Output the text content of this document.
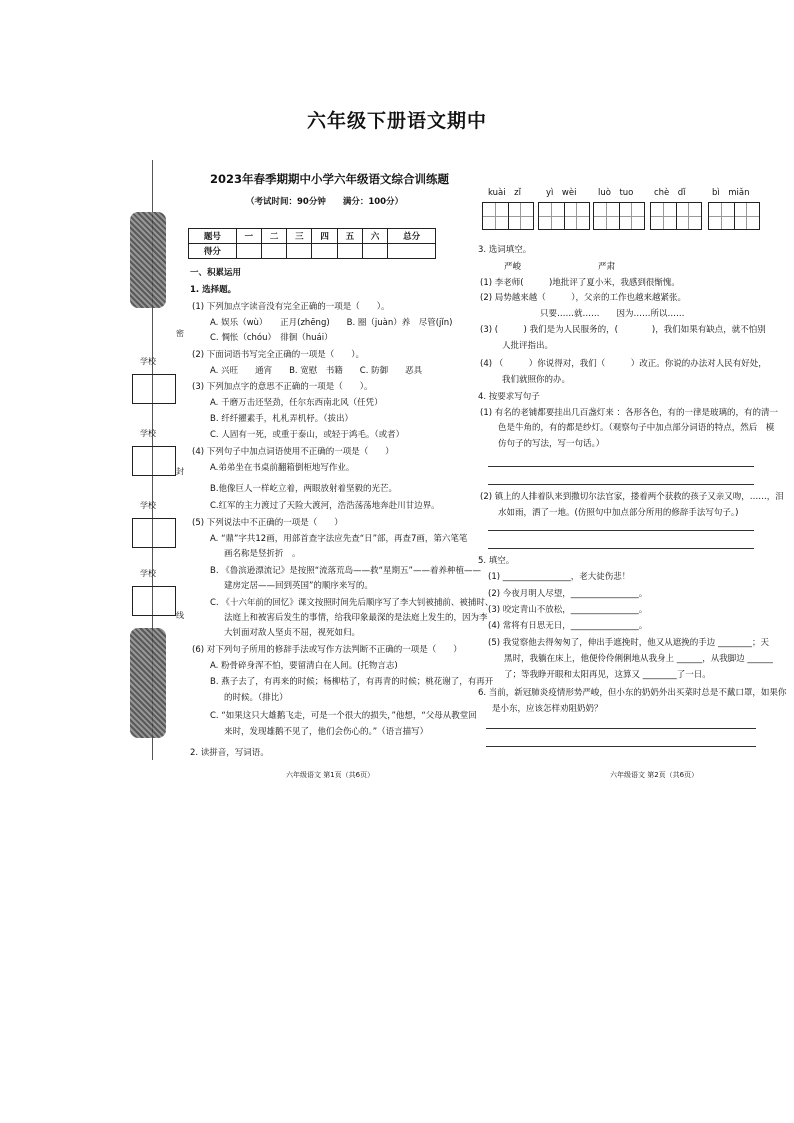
六年级下册语文期中
密
封
线
学校
学校
学校
学校
2023年春季期期中小学六年级语文综合训练题
（考试时间：90分钟　　满分：100分）
题号	一	二	三	四	五	六	总分
得分							
一、积累运用
1. 选择题。
(1) 下列加点字读音没有完全正确的一项是（　　）。
A. 娱乐（wù）　　正月(zhēng)　　B. 圈（juàn）养　尽管(jǐn)
C. 惆怅（chóu）　徘徊（huái）
(2) 下面词语书写完全正确的一项是（　　）。
A. 兴旺　　通宵　　B. 宽慰　书籍　　C. 防御　　恶具
(3) 下列加点字的意思不正确的一项是（　　）。
A. 千磨万击还坚劲，任尔东西南北风（任凭）
B. 纤纤擢素手，札札弄机杼。（拔出）
C. 人固有一死，或重于泰山，或轻于鸿毛。（或者）
(4) 下列句子中加点词语使用不正确的一项是（　　）
A.弟弟坐在书桌前翻箱倒柜地写作业。
B.他像巨人一样屹立着，两眼放射着坚毅的光芒。
C.红军的主力渡过了天险大渡河，浩浩荡荡地奔赴川甘边界。
(5) 下列说法中不正确的一项是（　　）
A. “鼎”字共12画，用部首查字法应先查“日”部，再查7画，第六笔笔
画名称是竖折折　。
B. 《鲁滨逊漂流记》是按照“流落荒岛——救“星期五”——着养种植——
建房定居——回到英国”的顺序来写的。
C. 《十六年前的回忆》课文按照时间先后顺序写了李大钊被捕前、被捕时、
法庭上和被害后发生的事情，给我印象最深的是法庭上发生的，因为李
大钊面对敌人坚贞不屈，视死如归。
(6) 对下列句子所用的修辞手法或写作方法判断不正确的一项是（　　）
A. 粉骨碎身浑不怕，要留清白在人间。(托物言志)
B. 燕子去了，有再来的时候；杨柳枯了，有再青的时候；桃花谢了，有再开
的时候。（排比）
C. “如果这只大雄鹅飞走，可是一个很大的损失，”他想，“父母从教堂回
来时，发现雄鹅不见了，他们会伤心的。”（语言描写）
2. 读拼音，写词语。
六年级语文 第1页（共6页）
kuài　zǐ	yì　wèi	luò　tuo chè　dǐ	bì　miǎn
3. 选词填空。
严峻	严肃
(1) 李老师(　　　)地批评了夏小米，我感到很惭愧。
(2) 局势越来越（　　　），父亲的工作也越来越紧张。
只要……就……　　因为……所以……
(3) (　　　) 我们是为人民服务的，(　　　　)，我们如果有缺点，就不怕别
人批评指出。
(4) （　　　）你说得对，我们（　　　）改正。你说的办法对人民有好处，
我们就照你的办。
4. 按要求写句子
(1) 有名的老铺都要挂出几百盏灯来 ：各形各色，有的一律是玻璃的，有的清一
色是牛角的，有的都是纱灯。（观察句子中加点部分词语的特点，然后　模
仿句子的写法，写一句话。）
(2) 镇上的人排着队来到撒切尔法官家，搂着两个获救的孩子又亲又吻，……，泪
水如雨，洒了一地。(仿照句中加点部分所用的修辞手法写句子。)
5. 填空。
(1) ________________，老大徒伤悲！
(2) 今夜月明人尽望，________________。
(3) 咬定青山不放松，________________。
(4) 常将有日思无日，________________。
(5) 我觉察他去得匆匆了，伸出手遮挽时，他又从遮挽的手边 ________；天
黑时，我躺在床上，他便伶伶俐俐地从我身上 ______，从我脚边 ______
了；等我睁开眼和太阳再见，这算又 ________了一日。
6. 当前，新冠肺炎疫情形势严峻，但小东的奶奶外出买菜时总是不戴口罩，如果你
是小东，应该怎样劝阻奶奶？
六年级语文 第2页（共6页）
